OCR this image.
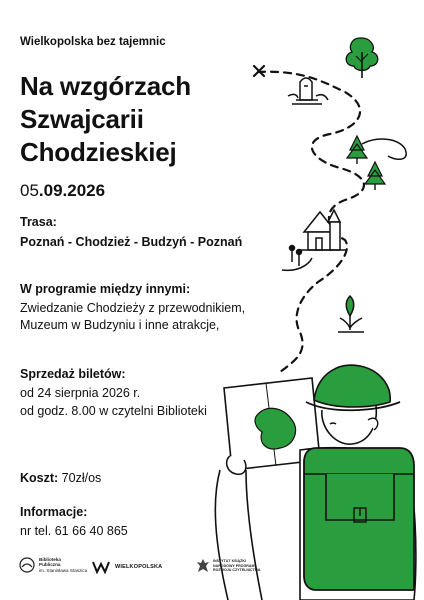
Wielkopolska bez tajemnic
Na wzgórzach
Szwajcarii
Chodzieskiej
05.09.2026
Trasa:
Poznań - Chodzież - Budzyń - Poznań
W programie między innymi:
Zwiedzanie Chodzieży z przewodnikiem,
Muzeum w Budzyniu i inne atrakcje,
Sprzedaż biletów:
od 24 sierpnia 2026 r.
od godz. 8.00 w czytelni Biblioteki
Koszt: 70zł/os
Informacje:
nr tel. 61 66 40 865
Biblioteka
Publiczna
im. Stanisława Staszica
WIELKOPOLSKA
INSTYTUT KSIĄŻKI
NARODOWY PROGRAM
ROZWOJU CZYTELNICTWA
